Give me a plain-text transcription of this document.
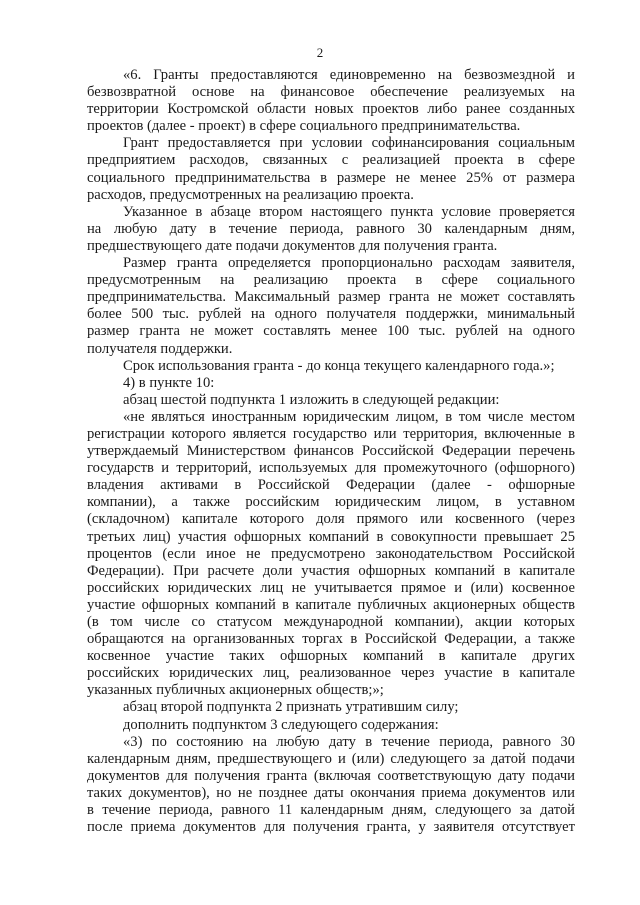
2

«6. Гранты предоставляются единовременно на безвозмездной и

безвозвратной основе на финансовое обеспечение реализуемых на

территории Костромской области новых проектов либо ранее созданных

проектов (далее - проект) в сфере социального предпринимательства.

Грант предоставляется при условии софинансирования социальным

предприятием расходов, связанных с реализацией проекта в сфере

социального предпринимательства в размере не менее 25% от размера

расходов, предусмотренных на реализацию проекта.

Указанное в абзаце втором настоящего пункта условие проверяется

на любую дату в течение периода, равного 30 календарным дням,

предшествующего дате подачи документов для получения гранта.

Размер гранта определяется пропорционально расходам заявителя,

предусмотренным на реализацию проекта в сфере социального

предпринимательства. Максимальный размер гранта не может составлять

более 500 тыс. рублей на одного получателя поддержки, минимальный

размер гранта не может составлять менее 100 тыс. рублей на одного

получателя поддержки.

Срок использования гранта - до конца текущего календарного года.»;

4) в пункте 10:

абзац шестой подпункта 1 изложить в следующей редакции:

«не являться иностранным юридическим лицом, в том числе местом

регистрации которого является государство или территория, включенные в

утверждаемый Министерством финансов Российской Федерации перечень

государств и территорий, используемых для промежуточного (офшорного)

владения активами в Российской Федерации (далее - офшорные

компании), а также российским юридическим лицом, в уставном

(складочном) капитале которого доля прямого или косвенного (через

третьих лиц) участия офшорных компаний в совокупности превышает 25

процентов (если иное не предусмотрено законодательством Российской

Федерации). При расчете доли участия офшорных компаний в капитале

российских юридических лиц не учитывается прямое и (или) косвенное

участие офшорных компаний в капитале публичных акционерных обществ

(в том числе со статусом международной компании), акции которых

обращаются на организованных торгах в Российской Федерации, а также

косвенное участие таких офшорных компаний в капитале других

российских юридических лиц, реализованное через участие в капитале

указанных публичных акционерных обществ;»;

абзац второй подпункта 2 признать утратившим силу;

дополнить подпунктом 3 следующего содержания:

«3) по состоянию на любую дату в течение периода, равного 30

календарным дням, предшествующего и (или) следующего за датой подачи

документов для получения гранта (включая соответствующую дату подачи

таких документов), но не позднее даты окончания приема документов или

в течение периода, равного 11 календарным дням, следующего за датой

после приема документов для получения гранта, у заявителя отсутствует
